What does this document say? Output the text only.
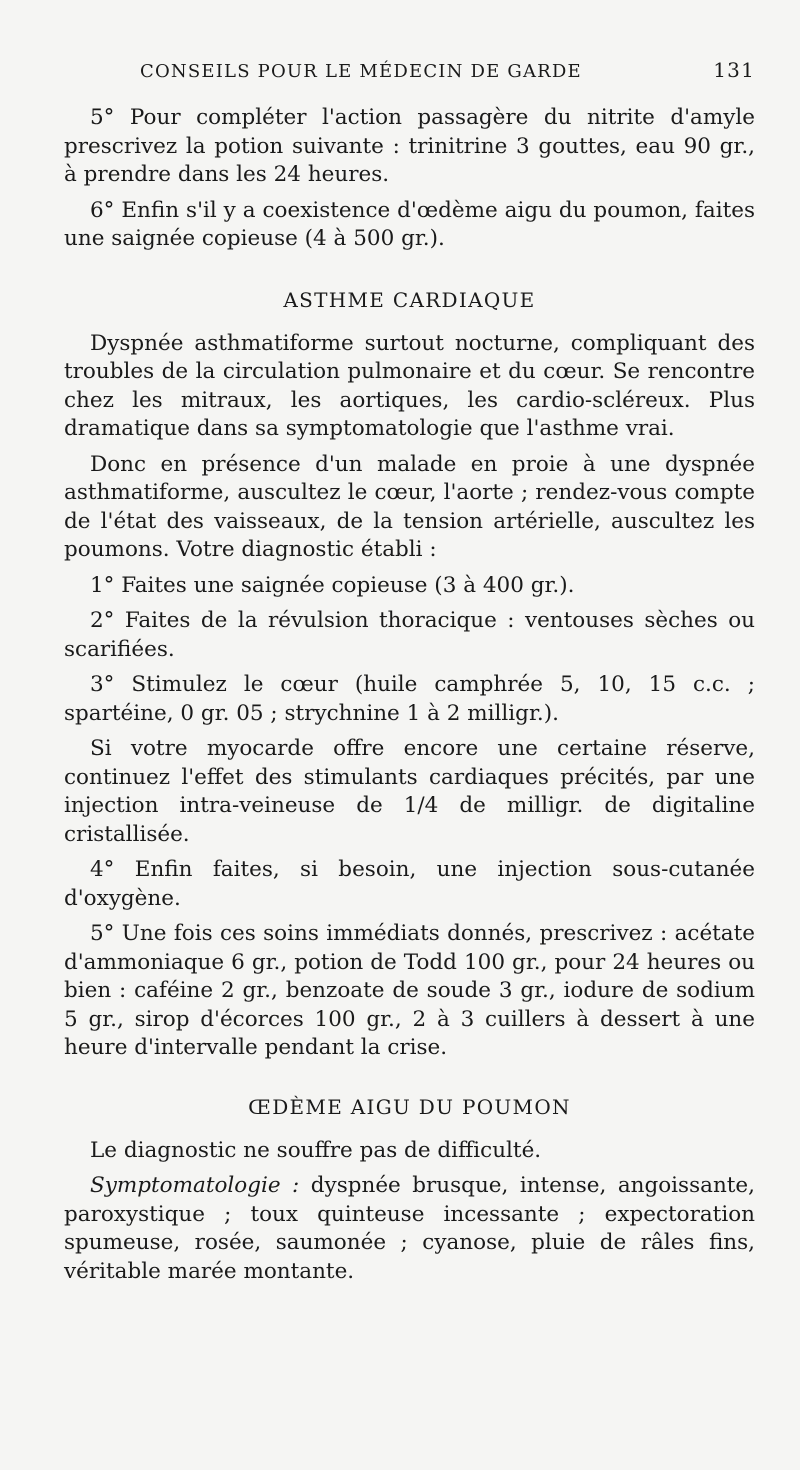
CONSEILS POUR LE MÉDECIN DE GARDE	131

5° Pour compléter l'action passagère du nitrite d'amyle prescrivez la potion suivante : trinitrine 3 gouttes, eau 90 gr., à prendre dans les 24 heures.

6° Enfin s'il y a coexistence d'œdème aigu du poumon, faites une saignée copieuse (4 à 500 gr.).

ASTHME CARDIAQUE

Dyspnée asthmatiforme surtout nocturne, compliquant des troubles de la circulation pulmonaire et du cœur. Se rencontre chez les mitraux, les aortiques, les cardio-scléreux. Plus dramatique dans sa symptomatologie que l'asthme vrai.

Donc en présence d'un malade en proie à une dyspnée asthmatiforme, auscultez le cœur, l'aorte ; rendez-vous compte de l'état des vaisseaux, de la tension artérielle, auscultez les poumons. Votre diagnostic établi :

1° Faites une saignée copieuse (3 à 400 gr.).

2° Faites de la révulsion thoracique : ventouses sèches ou scarifiées.

3° Stimulez le cœur (huile camphrée 5, 10, 15 c.c. ; spartéine, 0 gr. 05 ; strychnine 1 à 2 milligr.).

Si votre myocarde offre encore une certaine réserve, continuez l'effet des stimulants cardiaques précités, par une injection intra-veineuse de 1/4 de milligr. de digitaline cristallisée.

4° Enfin faites, si besoin, une injection sous-cutanée d'oxygène.

5° Une fois ces soins immédiats donnés, prescrivez : acétate d'ammoniaque 6 gr., potion de Todd 100 gr., pour 24 heures ou bien : caféine 2 gr., benzoate de soude 3 gr., iodure de sodium 5 gr., sirop d'écorces 100 gr., 2 à 3 cuillers à dessert à une heure d'intervalle pendant la crise.

ŒDÈME AIGU DU POUMON

Le diagnostic ne souffre pas de difficulté.

Symptomatologie : dyspnée brusque, intense, angoissante, paroxystique ; toux quinteuse incessante ; expectoration spumeuse, rosée, saumonée ; cyanose, pluie de râles fins, véritable marée montante.
